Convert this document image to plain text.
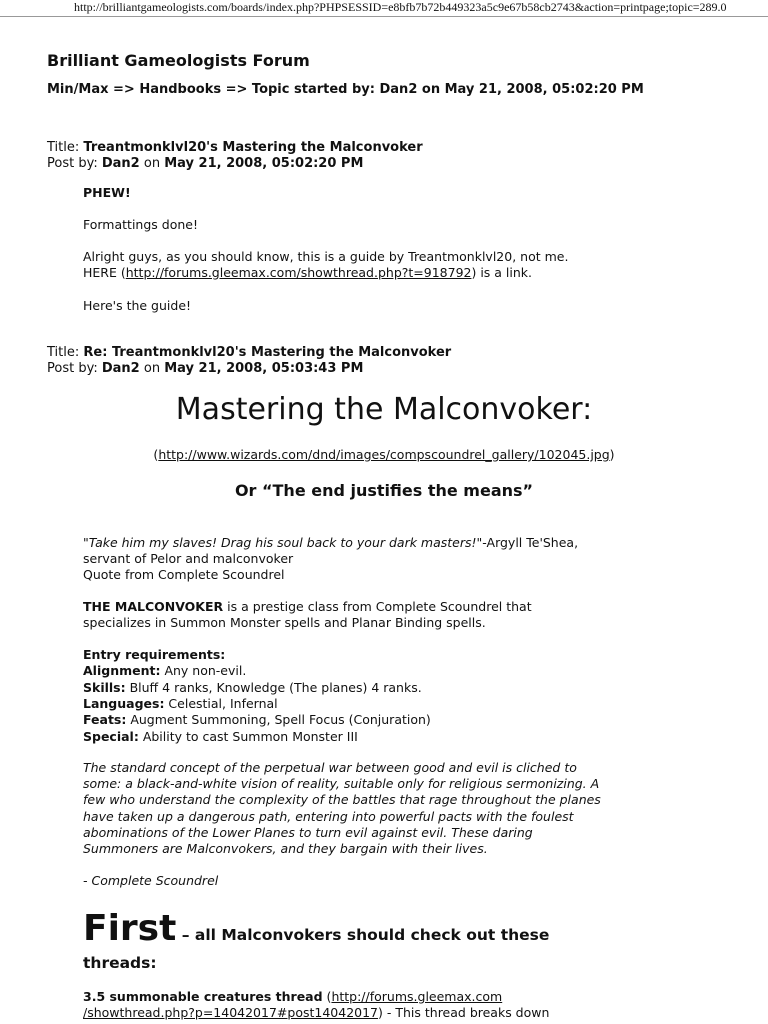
http://brilliantgameologists.com/boards/index.php?PHPSESSID=e8bfb7b72b449323a5c9e67b58cb2743&action=printpage;topic=289.0
Brilliant Gameologists Forum
Min/Max => Handbooks => Topic started by: Dan2 on May 21, 2008, 05:02:20 PM
Title: Treantmonklvl20's Mastering the Malconvoker
Post by: Dan2 on May 21, 2008, 05:02:20 PM
PHEW!
Formattings done!
Alright guys, as you should know, this is a guide by Treantmonklvl20, not me.
HERE (http://forums.gleemax.com/showthread.php?t=918792) is a link.
Here's the guide!
Title: Re: Treantmonklvl20's Mastering the Malconvoker
Post by: Dan2 on May 21, 2008, 05:03:43 PM
Mastering the Malconvoker:
(http://www.wizards.com/dnd/images/compscoundrel_gallery/102045.jpg)
Or “The end justifies the means”
"Take him my slaves! Drag his soul back to your dark masters!"-Argyll Te'Shea,
servant of Pelor and malconvoker
Quote from Complete Scoundrel
THE MALCONVOKER is a prestige class from Complete Scoundrel that
specializes in Summon Monster spells and Planar Binding spells.
Entry requirements:
Alignment: Any non-evil.
Skills: Bluff 4 ranks, Knowledge (The planes) 4 ranks.
Languages: Celestial, Infernal
Feats: Augment Summoning, Spell Focus (Conjuration)
Special: Ability to cast Summon Monster III
The standard concept of the perpetual war between good and evil is cliched to
some: a black-and-white vision of reality, suitable only for religious sermonizing. A
few who understand the complexity of the battles that rage throughout the planes
have taken up a dangerous path, entering into powerful pacts with the foulest
abominations of the Lower Planes to turn evil against evil. These daring
Summoners are Malconvokers, and they bargain with their lives.
- Complete Scoundrel
First – all Malconvokers should check out these
threads:
3.5 summonable creatures thread (http://forums.gleemax.com
/showthread.php?p=14042017#post14042017) - This thread breaks down
